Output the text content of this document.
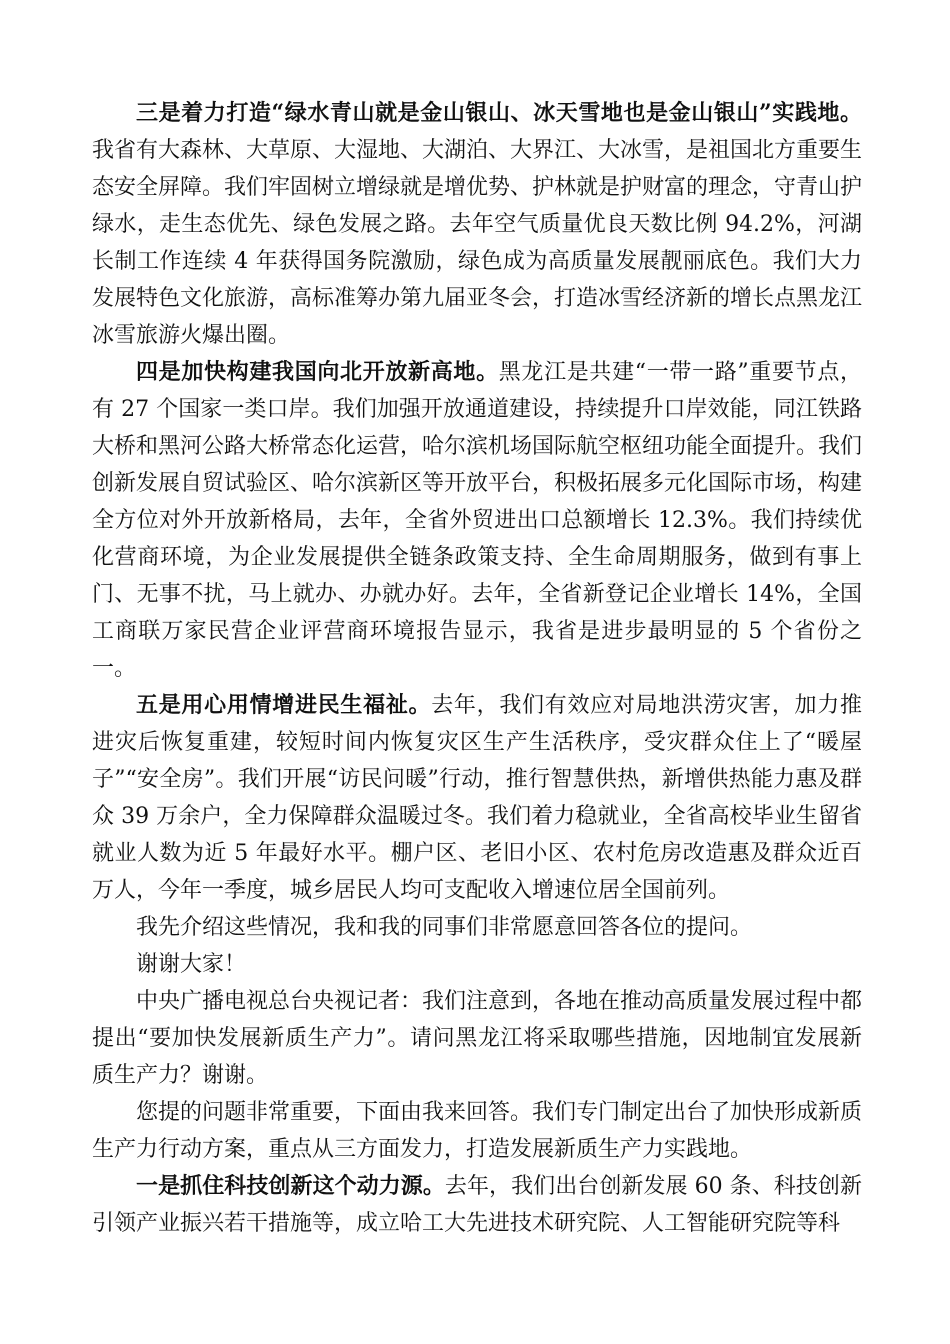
三是着力打造“绿水青山就是金山银山、冰天雪地也是金山银山”实践地。我省有大森林、大草原、大湿地、大湖泊、大界江、大冰雪，是祖国北方重要生态安全屏障。我们牢固树立增绿就是增优势、护林就是护财富的理念，守青山护绿水，走生态优先、绿色发展之路。去年空气质量优良天数比例 94.2%，河湖长制工作连续 4 年获得国务院激励，绿色成为高质量发展靓丽底色。我们大力发展特色文化旅游，高标准筹办第九届亚冬会，打造冰雪经济新的增长点黑龙江冰雪旅游火爆出圈。

四是加快构建我国向北开放新高地。黑龙江是共建“一带一路”重要节点，有 27 个国家一类口岸。我们加强开放通道建设，持续提升口岸效能，同江铁路大桥和黑河公路大桥常态化运营，哈尔滨机场国际航空枢纽功能全面提升。我们创新发展自贸试验区、哈尔滨新区等开放平台，积极拓展多元化国际市场，构建全方位对外开放新格局，去年，全省外贸进出口总额增长 12.3%。我们持续优化营商环境，为企业发展提供全链条政策支持、全生命周期服务，做到有事上门、无事不扰，马上就办、办就办好。去年，全省新登记企业增长 14%，全国工商联万家民营企业评营商环境报告显示，我省是进步最明显的 5 个省份之一。

五是用心用情增进民生福祉。去年，我们有效应对局地洪涝灾害，加力推进灾后恢复重建，较短时间内恢复灾区生产生活秩序，受灾群众住上了“暖屋子”“安全房”。我们开展“访民问暖”行动，推行智慧供热，新增供热能力惠及群众 39 万余户，全力保障群众温暖过冬。我们着力稳就业，全省高校毕业生留省就业人数为近 5 年最好水平。棚户区、老旧小区、农村危房改造惠及群众近百万人，今年一季度，城乡居民人均可支配收入增速位居全国前列。

我先介绍这些情况，我和我的同事们非常愿意回答各位的提问。

谢谢大家！

中央广播电视总台央视记者：我们注意到，各地在推动高质量发展过程中都提出“要加快发展新质生产力”。请问黑龙江将采取哪些措施，因地制宜发展新质生产力？谢谢。

您提的问题非常重要，下面由我来回答。我们专门制定出台了加快形成新质生产力行动方案，重点从三方面发力，打造发展新质生产力实践地。

一是抓住科技创新这个动力源。去年，我们出台创新发展 60 条、科技创新引领产业振兴若干措施等，成立哈工大先进技术研究院、人工智能研究院等科
